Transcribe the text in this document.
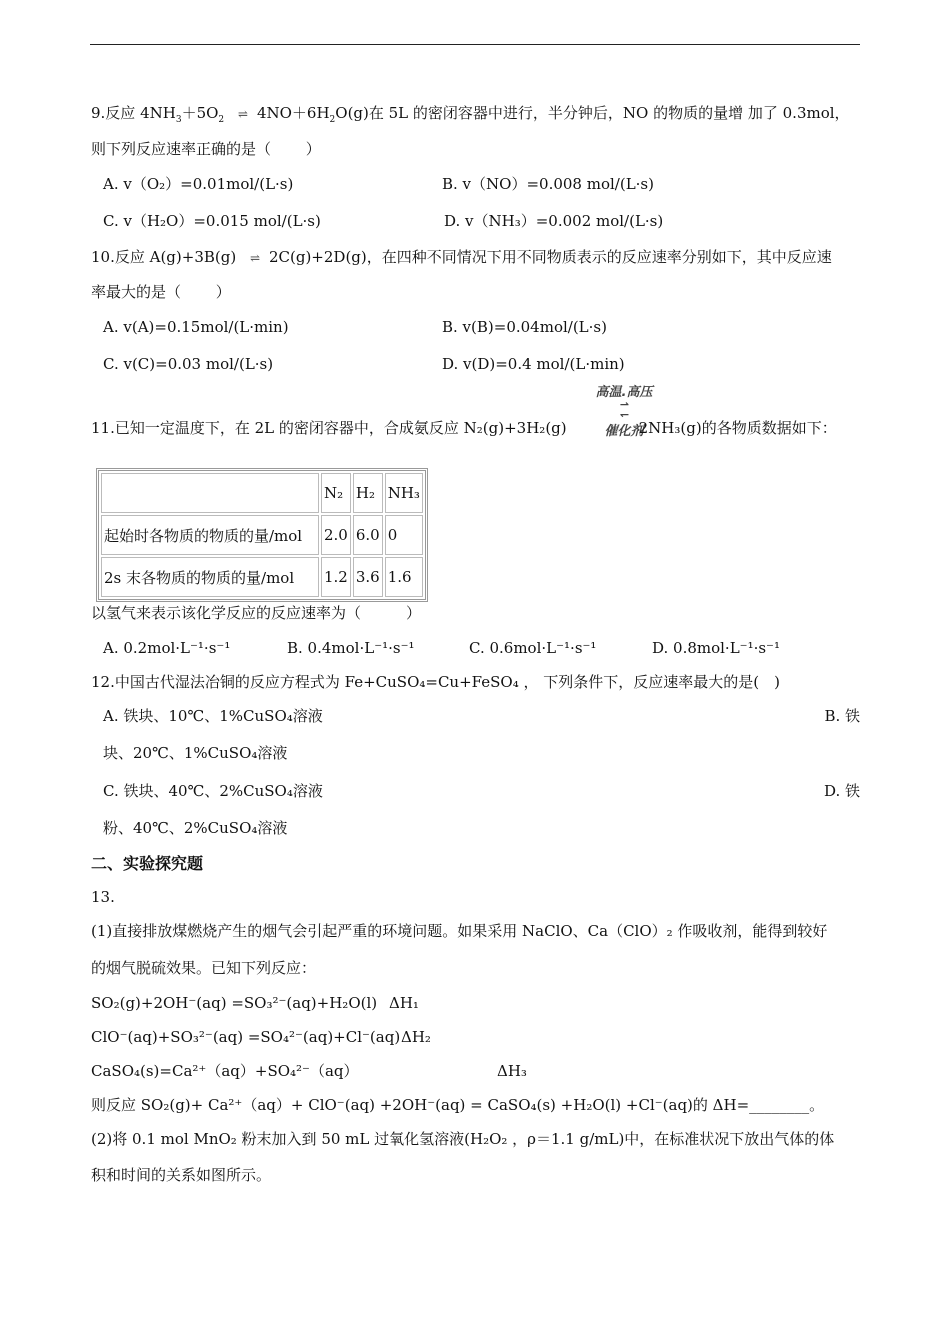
9.反应 $4NH_3+5O_2$ ⇌ $4NO+6H_2O(g)$在 5L 的密闭容器中进行，半分钟后，NO 的物质的量增 加了 0.3mol，
则下列反应速率正确的是（　　 ）
A. v（O₂）=0.01mol/(L·s)	B. v（NO）=0.008 mol/(L·s)
C. v（H₂O）=0.015 mol/(L·s)	D. v（NH₃）=0.002 mol/(L·s)
10.反应 A(g)+3B(g) ⇌ 2C(g)+2D(g)，在四种不同情况下用不同物质表示的反应速率分别如下，其中反应速
率最大的是（　　 ）
A. v(A)=0.15mol/(L·min)	B. v(B)=0.04mol/(L·s)
C. v(C)=0.03 mol/(L·s)	D. v(D)=0.4 mol/(L·min)
高温.高压
⇀
↽
催化剂
11.已知一定温度下，在 2L 的密闭容器中，合成氨反应 N₂(g)+3H₂(g)	2NH₃(g)的各物质数据如下：
	N₂	H₂	NH₃
起始时各物质的物质的量/mol	2.0	6.0	0
2s 末各物质的物质的量/mol	1.2	3.6	1.6
以氢气来表示该化学反应的反应速率为（　　　）
A. 0.2mol·L⁻¹·s⁻¹	B. 0.4mol·L⁻¹·s⁻¹	C. 0.6mol·L⁻¹·s⁻¹	D. 0.8mol·L⁻¹·s⁻¹
12.中国古代湿法冶铜的反应方程式为 Fe+CuSO₄=Cu+FeSO₄ ， 下列条件下，反应速率最大的是(　)
A. 铁块、10℃、1%CuSO₄溶液	B. 铁
块、20℃、1%CuSO₄溶液
C. 铁块、40℃、2%CuSO₄溶液	D. 铁
粉、40℃、2%CuSO₄溶液
二、实验探究题
13.
(1)直接排放煤燃烧产生的烟气会引起严重的环境问题。如果采用 NaClO、Ca（ClO）₂ 作吸收剂，能得到较好
的烟气脱硫效果。已知下列反应：
SO₂(g)+2OH⁻(aq) =SO₃²⁻(aq)+H₂O(l) ΔH₁
ClO⁻(aq)+SO₃²⁻(aq) =SO₄²⁻(aq)+Cl⁻(aq) ΔH₂
CaSO₄(s)=Ca²⁺（aq）+SO₄²⁻（aq）	ΔH₃
则反应 SO₂(g)+ Ca²⁺（aq）+ ClO⁻(aq) +2OH⁻(aq) = CaSO₄(s) +H₂O(l) +Cl⁻(aq)的 ΔH=________。
(2)将 0.1 mol MnO₂ 粉末加入到 50 mL 过氧化氢溶液(H₂O₂ ，ρ＝1.1 g/mL)中，在标准状况下放出气体的体
积和时间的关系如图所示。
